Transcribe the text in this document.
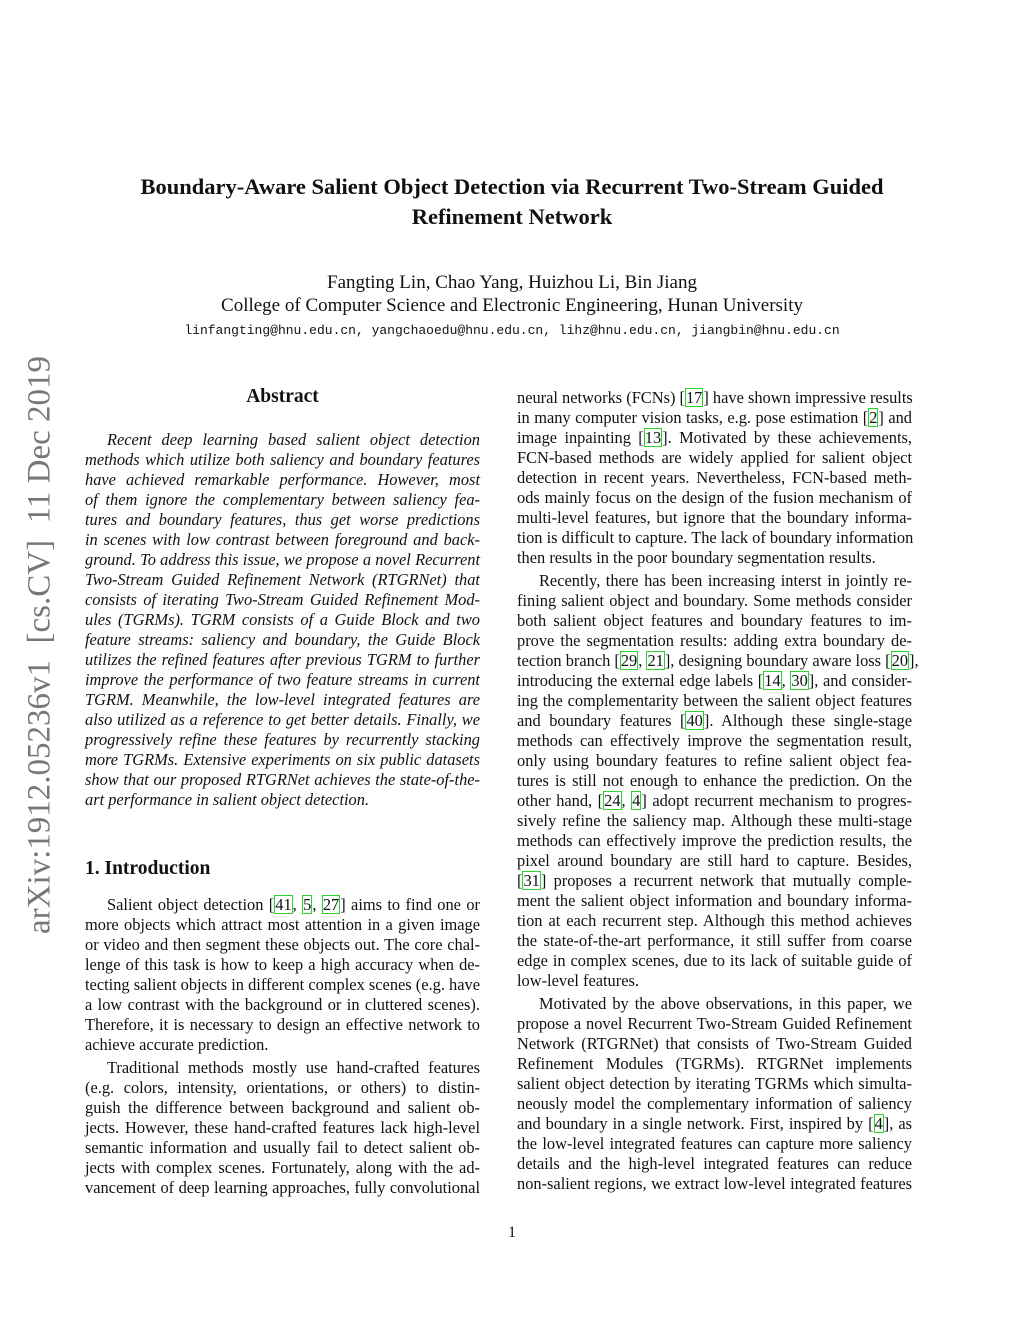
arXiv:1912.05236v1  [cs.CV]  11 Dec 2019
Boundary-Aware Salient Object Detection via Recurrent Two-Stream Guided
Refinement Network
Fangting Lin, Chao Yang, Huizhou Li, Bin Jiang
College of Computer Science and Electronic Engineering, Hunan University
linfangting@hnu.edu.cn, yangchaoedu@hnu.edu.cn, lihz@hnu.edu.cn, jiangbin@hnu.edu.cn
Abstract
Recent deep learning based salient object detection
methods which utilize both saliency and boundary features
have achieved remarkable performance. However, most
of them ignore the complementary between saliency fea-
tures and boundary features, thus get worse predictions
in scenes with low contrast between foreground and back-
ground. To address this issue, we propose a novel Recurrent
Two-Stream Guided Refinement Network (RTGRNet) that
consists of iterating Two-Stream Guided Refinement Mod-
ules (TGRMs). TGRM consists of a Guide Block and two
feature streams: saliency and boundary, the Guide Block
utilizes the refined features after previous TGRM to further
improve the performance of two feature streams in current
TGRM. Meanwhile, the low-level integrated features are
also utilized as a reference to get better details. Finally, we
progressively refine these features by recurrently stacking
more TGRMs. Extensive experiments on six public datasets
show that our proposed RTGRNet achieves the state-of-the-
art performance in salient object detection.
1. Introduction
Salient object detection [41, 5, 27] aims to find one or
more objects which attract most attention in a given image
or video and then segment these objects out. The core chal-
lenge of this task is how to keep a high accuracy when de-
tecting salient objects in different complex scenes (e.g. have
a low contrast with the background or in cluttered scenes).
Therefore, it is necessary to design an effective network to
achieve accurate prediction.
Traditional methods mostly use hand-crafted features
(e.g. colors, intensity, orientations, or others) to distin-
guish the difference between background and salient ob-
jects. However, these hand-crafted features lack high-level
semantic information and usually fail to detect salient ob-
jects with complex scenes. Fortunately, along with the ad-
vancement of deep learning approaches, fully convolutional
neural networks (FCNs) [17] have shown impressive results
in many computer vision tasks, e.g. pose estimation [2] and
image inpainting [13]. Motivated by these achievements,
FCN-based methods are widely applied for salient object
detection in recent years. Nevertheless, FCN-based meth-
ods mainly focus on the design of the fusion mechanism of
multi-level features, but ignore that the boundary informa-
tion is difficult to capture. The lack of boundary information
then results in the poor boundary segmentation results.
Recently, there has been increasing interst in jointly re-
fining salient object and boundary. Some methods consider
both salient object features and boundary features to im-
prove the segmentation results: adding extra boundary de-
tection branch [29, 21], designing boundary aware loss [20],
introducing the external edge labels [14, 30], and consider-
ing the complementarity between the salient object features
and boundary features [40]. Although these single-stage
methods can effectively improve the segmentation result,
only using boundary features to refine salient object fea-
tures is still not enough to enhance the prediction. On the
other hand, [24, 4] adopt recurrent mechanism to progres-
sively refine the saliency map. Although these multi-stage
methods can effectively improve the prediction results, the
pixel around boundary are still hard to capture. Besides,
[31] proposes a recurrent network that mutually comple-
ment the salient object information and boundary informa-
tion at each recurrent step. Although this method achieves
the state-of-the-art performance, it still suffer from coarse
edge in complex scenes, due to its lack of suitable guide of
low-level features.
Motivated by the above observations, in this paper, we
propose a novel Recurrent Two-Stream Guided Refinement
Network (RTGRNet) that consists of Two-Stream Guided
Refinement Modules (TGRMs). RTGRNet implements
salient object detection by iterating TGRMs which simulta-
neously model the complementary information of saliency
and boundary in a single network. First, inspired by [4], as
the low-level integrated features can capture more saliency
details and the high-level integrated features can reduce
non-salient regions, we extract low-level integrated features
1
